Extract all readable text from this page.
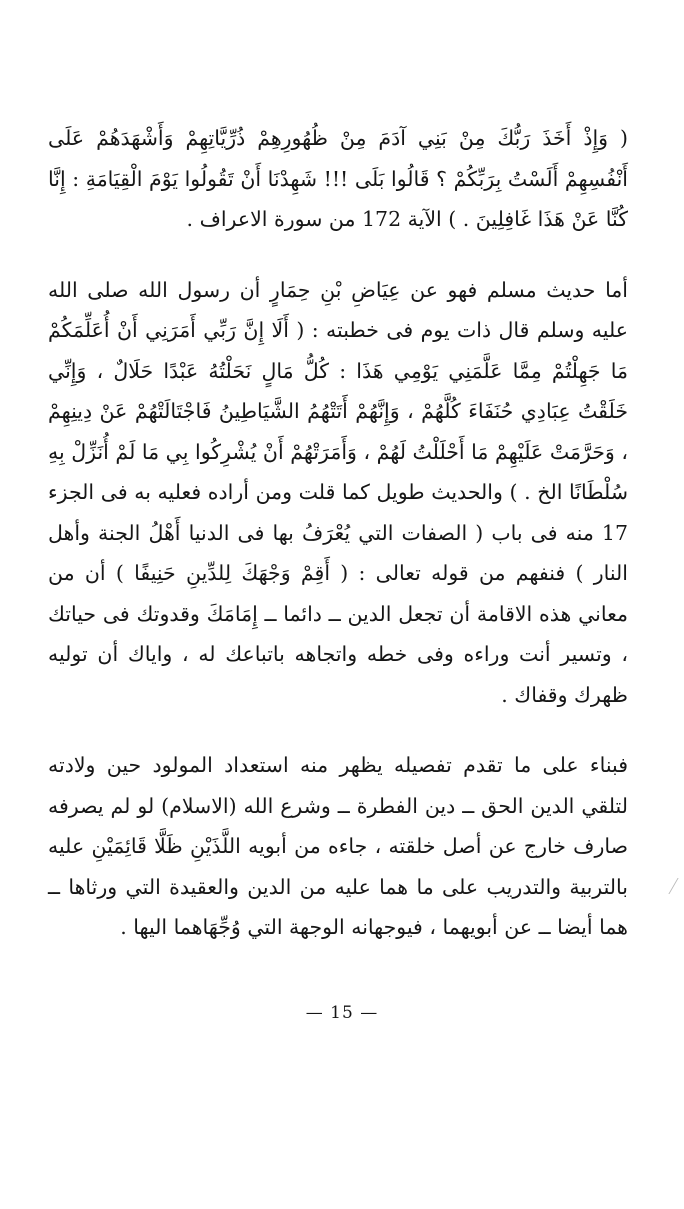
( وَإِذْ أَخَذَ رَبُّكَ مِنْ بَنِي آدَمَ مِنْ ظُهُورِهِمْ ذُرِّيَّاتِهِمْ وَأَشْهَدَهُمْ عَلَى أَنْفُسِهِمْ أَلَسْتُ بِرَبِّكُمْ ؟ قَالُوا بَلَى !!! شَهِدْنَا أَنْ تَقُولُوا يَوْمَ الْقِيَامَةِ : إِنَّا كُنَّا عَنْ هَذَا غَافِلِينَ . ) الآية 172 من سورة الاعراف .

أما حديث مسلم فهو عن عِيَاضِ بْنِ حِمَارٍ أن رسول الله صلى الله عليه وسلم قال ذات يوم فى خطبته : ( أَلَا إِنَّ رَبِّي أَمَرَنِي أَنْ أُعَلِّمَكُمْ مَا جَهِلْتُمْ مِمَّا عَلَّمَنِي يَوْمِي هَذَا : كُلُّ مَالٍ نَحَلْتُهُ عَبْدًا حَلَالٌ ، وَإِنِّي خَلَقْتُ عِبَادِي حُنَفَاءَ كُلَّهُمْ ، وَإِنَّهُمْ أَتَتْهُمُ الشَّيَاطِينُ فَاجْتَالَتْهُمْ عَنْ دِينِهِمْ ، وَحَرَّمَتْ عَلَيْهِمْ مَا أَحْلَلْتُ لَهُمْ ، وَأَمَرَتْهُمْ أَنْ يُشْرِكُوا بِي مَا لَمْ أُنَزِّلْ بِهِ سُلْطَانًا الخ . ) والحديث طويل كما قلت ومن أراده فعليه به فى الجزء 17 منه فى باب ( الصفات التي يُعْرَفُ بها فى الدنيا أَهْلُ الجنة وأهل النار ) فنفهم من قوله تعالى : ( أَقِمْ وَجْهَكَ لِلدِّينِ حَنِيفًا ) أن من معاني هذه الاقامة أن تجعل الدين ــ دائما ــ إِمَامَكَ وقدوتك فى حياتك ، وتسير أنت وراءه وفى خطه واتجاهه باتباعك له ، واياك أن توليه ظهرك وقفاك .

فبناء على ما تقدم تفصيله يظهر منه استعداد المولود حين ولادته لتلقي الدين الحق ــ دين الفطرة ــ وشرع الله (الاسلام) لو لم يصرفه صارف خارج عن أصل خلقته ، جاءه من أبويه اللَّذَيْنِ ظَلَّا قَائِمَيْنِ عليه بالتربية والتدريب على ما هما عليه من الدين والعقيدة التي ورثاها ــ هما أيضا ــ عن أبويهما ، فيوجهانه الوجهة التي وُجِّهَاهما اليها .

— 15 —
